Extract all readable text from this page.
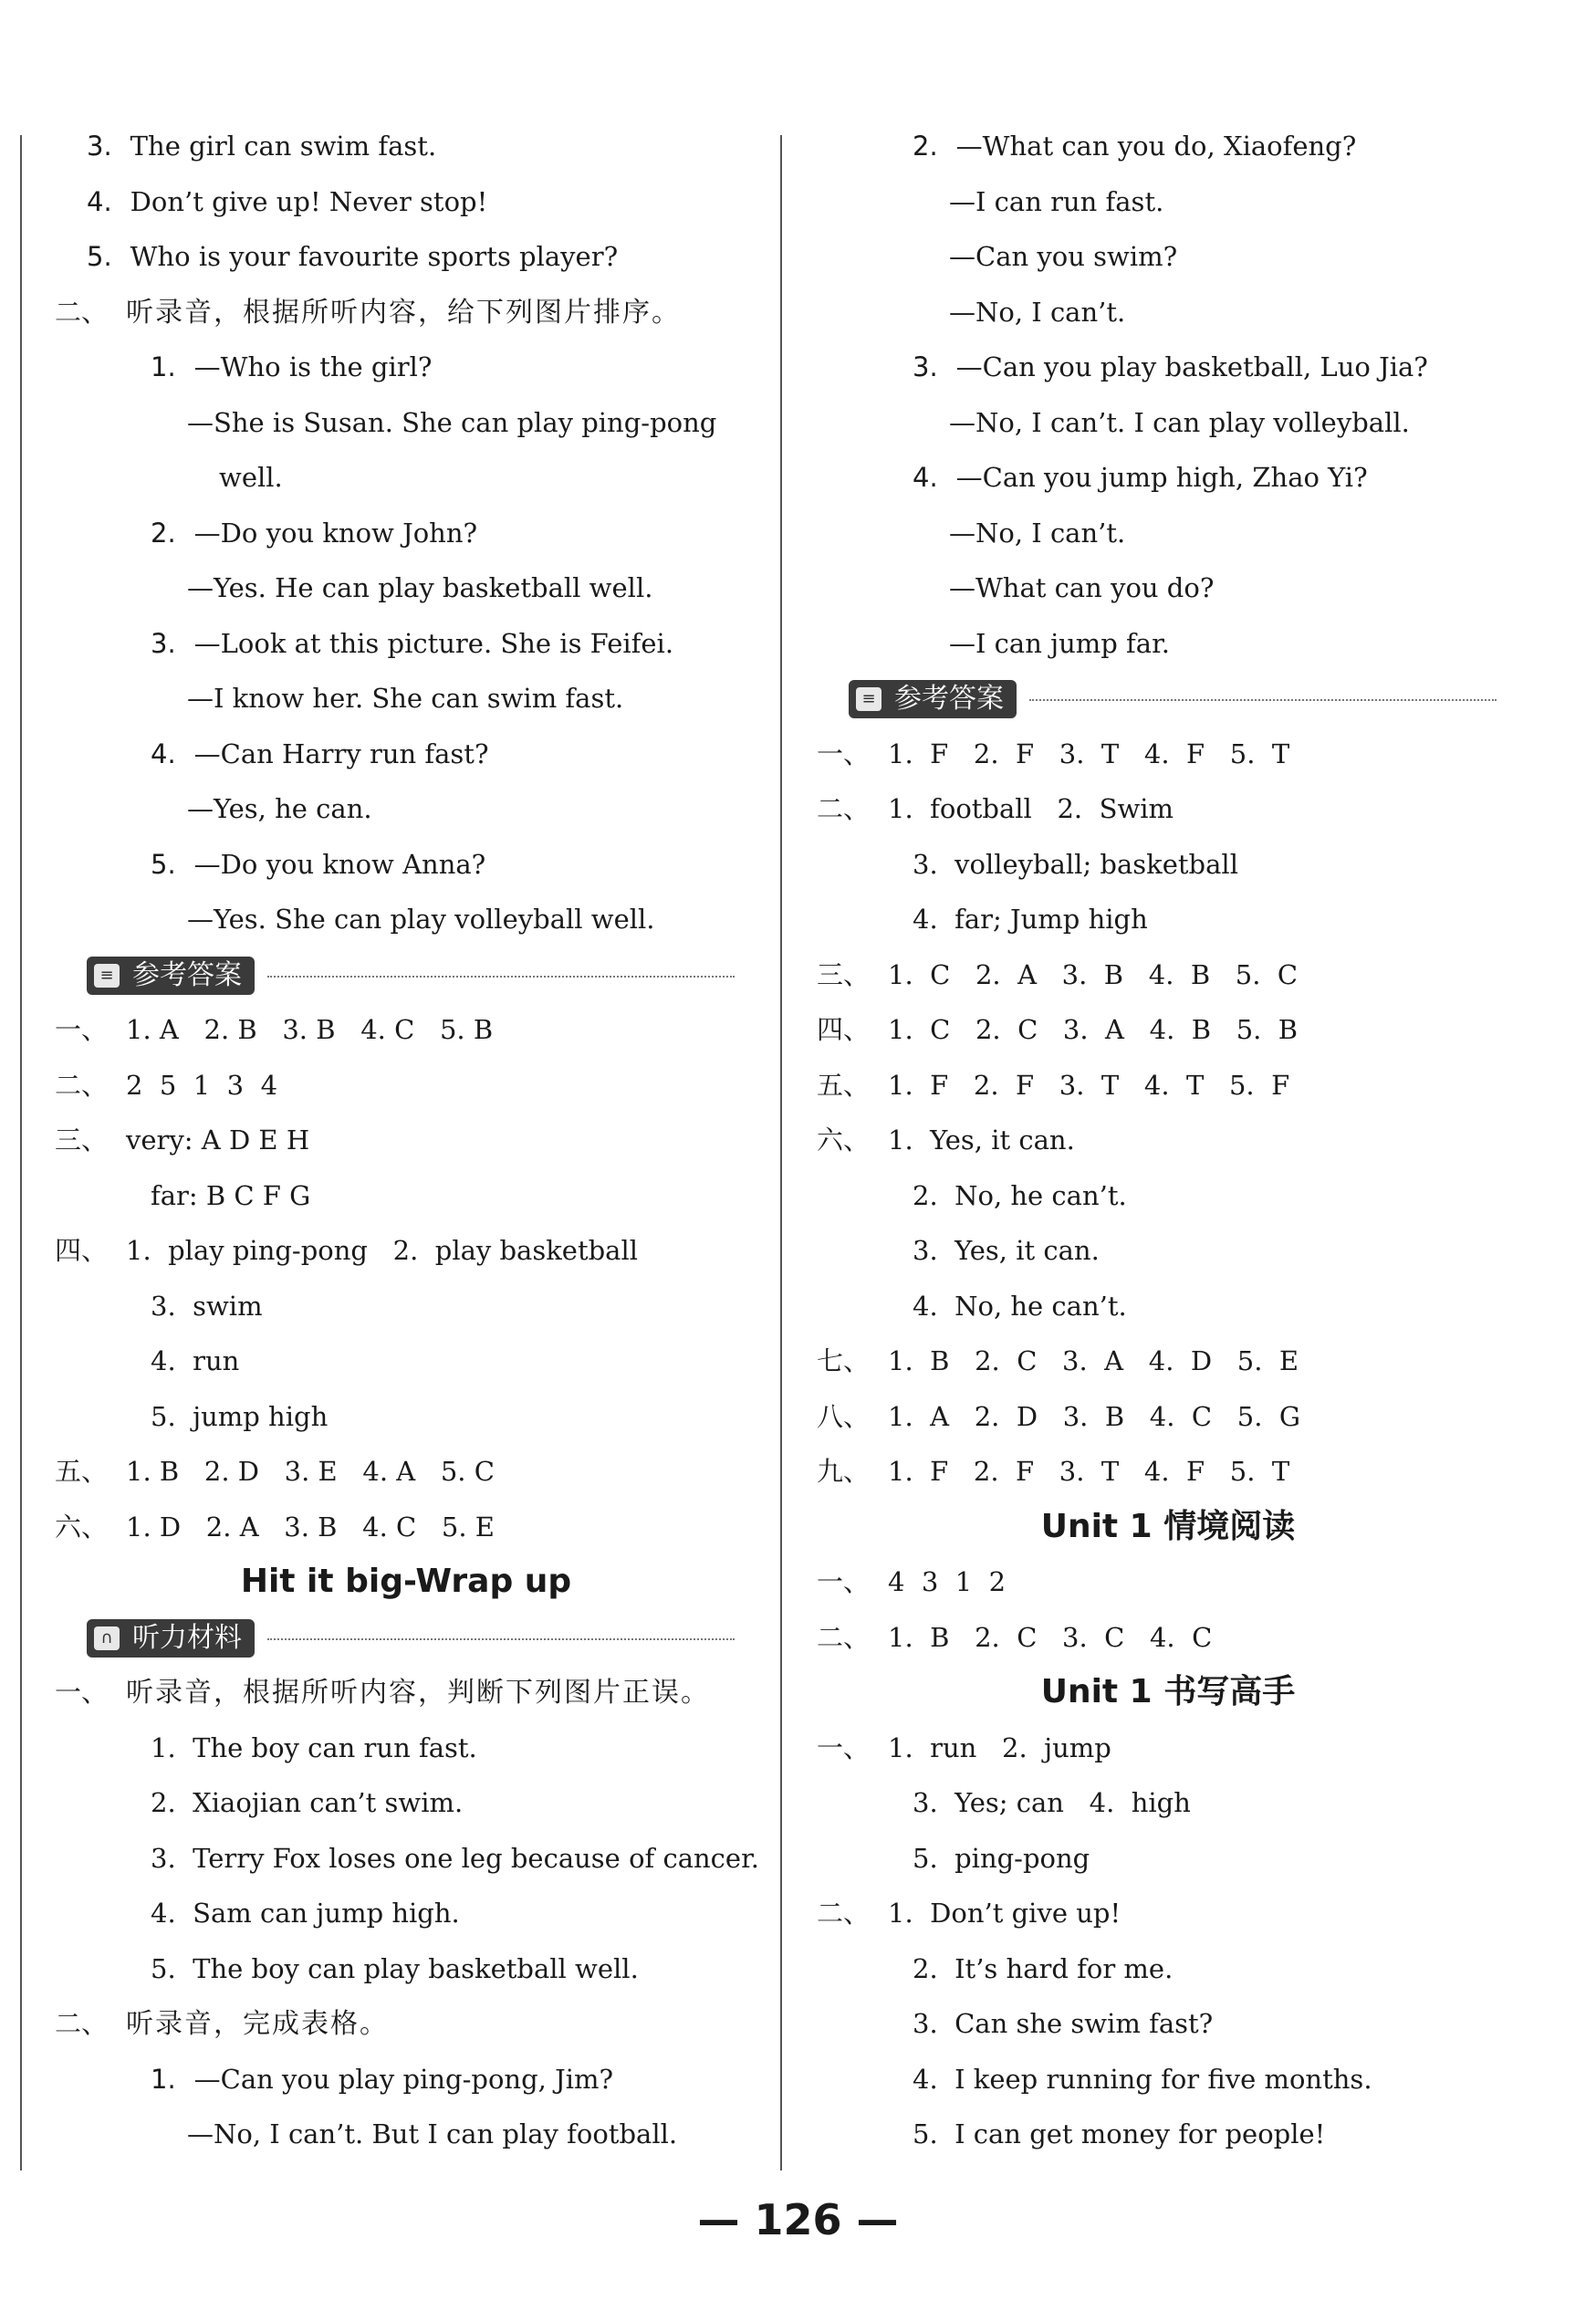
3. The girl can swim fast.
4. Don’t give up! Never stop!
5. Who is your favourite sports player?
二、 听录音，根据所听内容，给下列图片排序。
1. —Who is the girl?
—She is Susan. She can play ping-pong
well.
2. —Do you know John?
—Yes. He can play basketball well.
3. —Look at this picture. She is Feifei.
—I know her. She can swim fast.
4. —Can Harry run fast?
—Yes, he can.
5. —Do you know Anna?
—Yes. She can play volleyball well.
≡ 参考答案
一、 1. A   2. B   3. B   4. C   5. B
二、 2  5  1  3  4
三、 very: A D E H
far: B C F G
四、 1.  play ping-pong   2.  play basketball
3.  swim
4.  run
5.  jump high
五、 1. B   2. D   3. E   4. A   5. C
六、 1. D   2. A   3. B   4. C   5. E
Hit it big-Wrap up
∩ 听力材料
一、 听录音，根据所听内容，判断下列图片正误。
1.  The boy can run fast.
2.  Xiaojian can’t swim.
3.  Terry Fox loses one leg because of cancer.
4.  Sam can jump high.
5.  The boy can play basketball well.
二、 听录音，完成表格。
1. —Can you play ping-pong, Jim?
—No, I can’t. But I can play football.
2. —What can you do, Xiaofeng?
—I can run fast.
—Can you swim?
—No, I can’t.
3. —Can you play basketball, Luo Jia?
—No, I can’t. I can play volleyball.
4. —Can you jump high, Zhao Yi?
—No, I can’t.
—What can you do?
—I can jump far.
≡ 参考答案
一、 1.  F   2.  F   3.  T   4.  F   5.  T
二、 1.  football   2.  Swim
3.  volleyball; basketball
4.  far; Jump high
三、 1.  C   2.  A   3.  B   4.  B   5.  C
四、 1.  C   2.  C   3.  A   4.  B   5.  B
五、 1.  F   2.  F   3.  T   4.  T   5.  F
六、 1.  Yes, it can.
2.  No, he can’t.
3.  Yes, it can.
4.  No, he can’t.
七、 1.  B   2.  C   3.  A   4.  D   5.  E
八、 1.  A   2.  D   3.  B   4.  C   5.  G
九、 1.  F   2.  F   3.  T   4.  F   5.  T
Unit 1 情境阅读
一、 4  3  1  2
二、 1.  B   2.  C   3.  C   4.  C
Unit 1 书写高手
一、 1.  run   2.  jump
3.  Yes; can   4.  high
5.  ping-pong
二、 1.  Don’t give up!
2.  It’s hard for me.
3.  Can she swim fast?
4.  I keep running for five months.
5.  I can get money for people!
— 126 —
